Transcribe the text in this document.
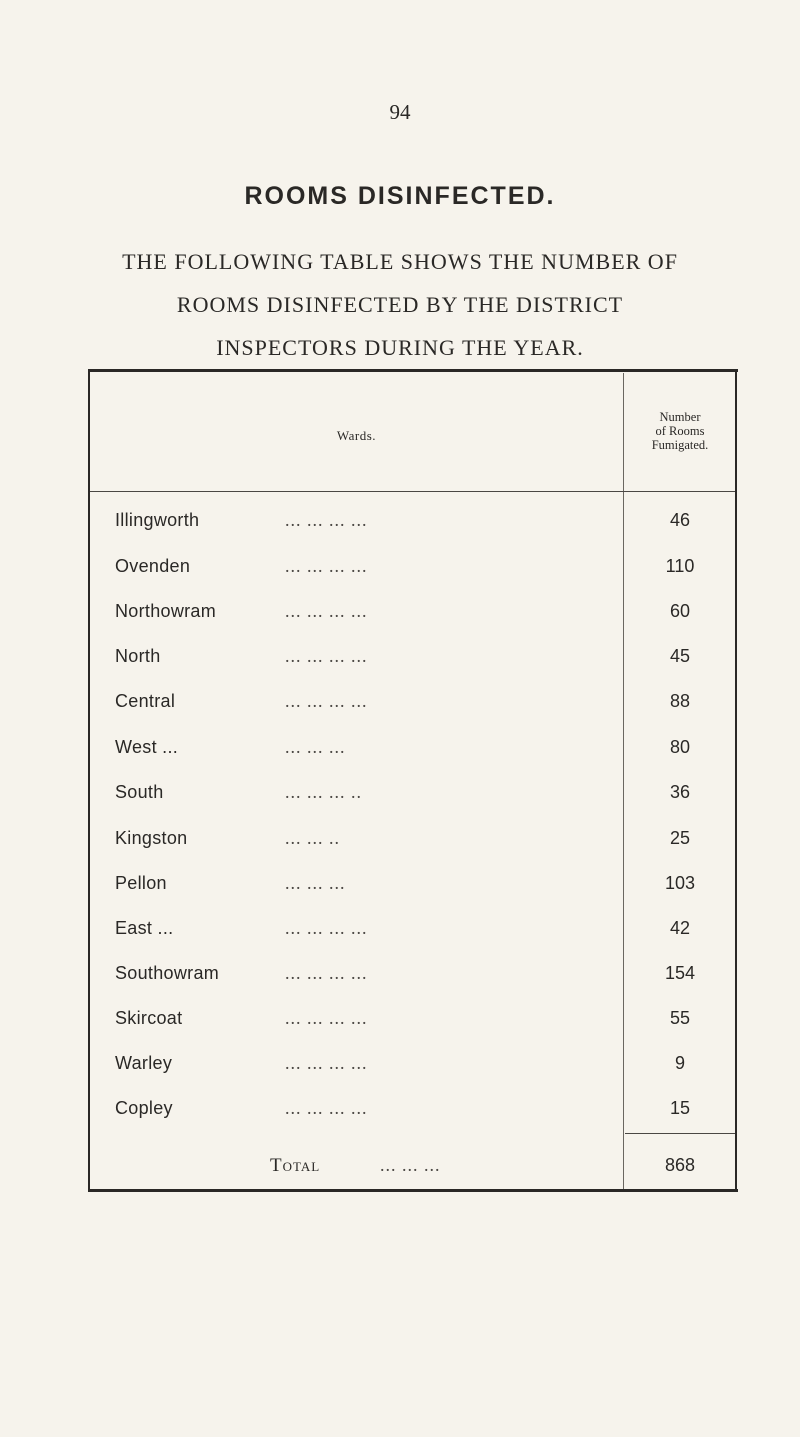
94
ROOMS DISINFECTED.
THE FOLLOWING TABLE SHOWS THE NUMBER OF
ROOMS DISINFECTED BY THE DISTRICT
INSPECTORS DURING THE YEAR.
Wards.
Number
of Rooms
Fumigated.
Illingworth	... ... ... ...	46
Ovenden	... ... ... ...	110
Northowram	... ... ... ...	60
North	... ... ... ...	45
Central	... ... ... ...	88
West ...	... ... ...	80
South	... ... ... ..	36
Kingston	... ... ..	25
Pellon	... ... ...	103
East ...	... ... ... ...	42
Southowram	... ... ... ...	154
Skircoat	... ... ... ...	55
Warley	... ... ... ...	9
Copley	... ... ... ...	15
Total	... ... ...	868
